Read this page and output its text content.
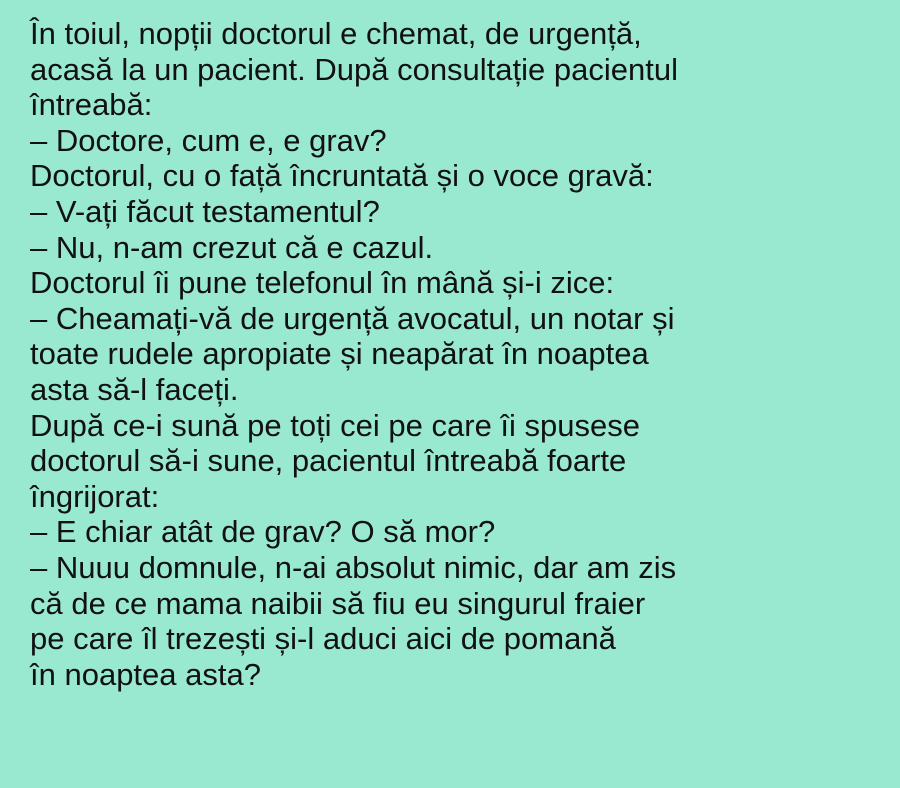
În toiul, nopții doctorul e chemat, de urgență,
acasă la un pacient. După consultație pacientul
întreabă:
– Doctore, cum e, e grav?
Doctorul, cu o față încruntată și o voce gravă:
– V-ați făcut testamentul?
– Nu, n-am crezut că e cazul.
Doctorul îi pune telefonul în mână și-i zice:
– Cheamați-vă de urgență avocatul, un notar și
toate rudele apropiate și neapărat în noaptea
asta să-l faceți.
După ce-i sună pe toți cei pe care îi spusese
doctorul să-i sune, pacientul întreabă foarte
îngrijorat:
– E chiar atât de grav? O să mor?
– Nuuu domnule, n-ai absolut nimic, dar am zis
că de ce mama naibii să fiu eu singurul fraier
pe care îl trezești și-l aduci aici de pomană
în noaptea asta?
